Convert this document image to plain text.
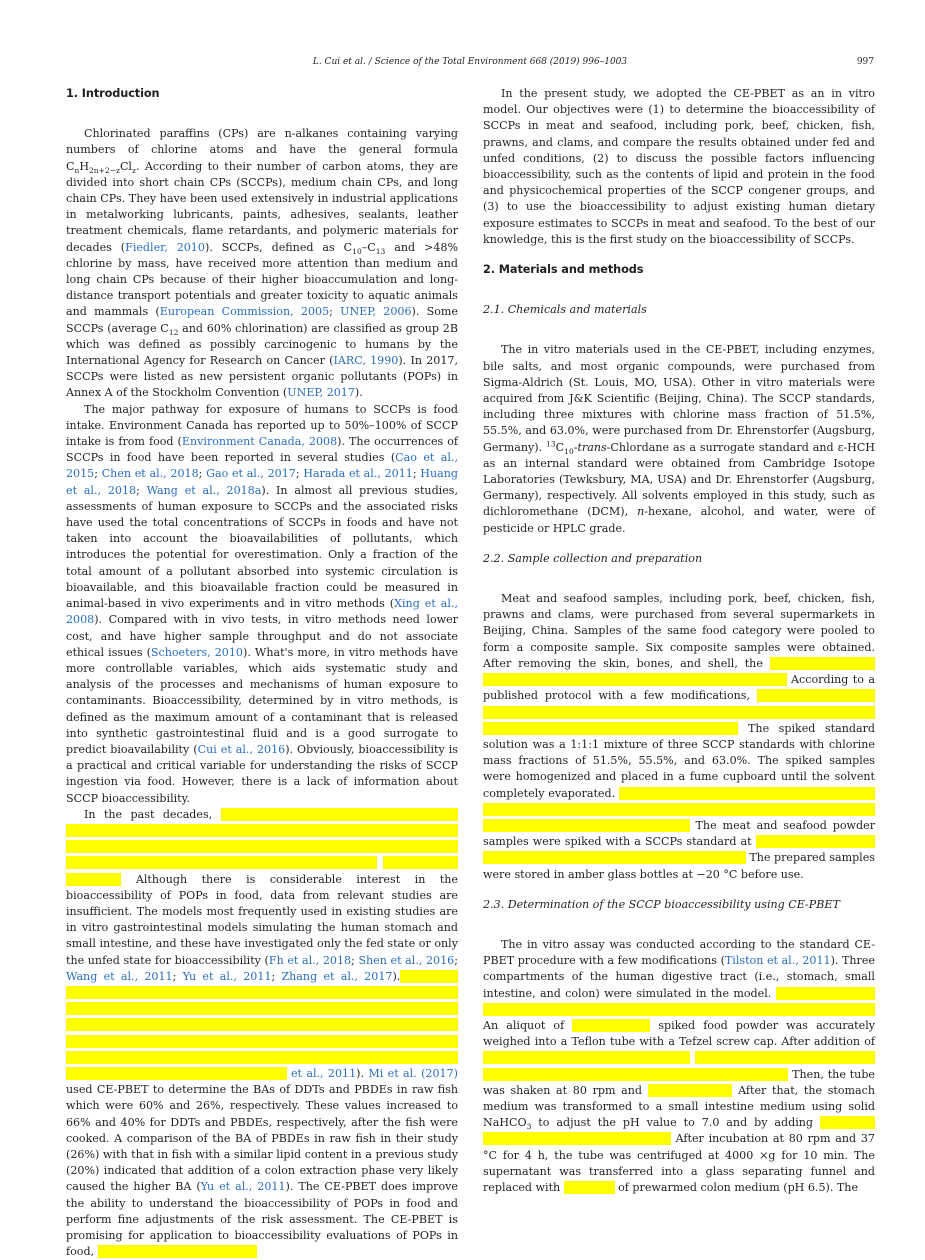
L. Cui et al. / Science of the Total Environment 668 (2019) 996–1003	997
1. Introduction

Chlorinated paraffins (CPs) are n-alkanes containing varying numbers of chlorine atoms and have the general formula $C_nH_{2n+2-z}Cl_z$. According to their number of carbon atoms, they are divided into short chain CPs (SCCPs), medium chain CPs, and long chain CPs. They have been used extensively in industrial applications in metalworking lubricants, paints, adhesives, sealants, leather treatment chemicals, flame retardants, and polymeric materials for decades (Fiedler, 2010). SCCPs, defined as $C_{10}-C_{13}$ and >48% chlorine by mass, have received more attention than medium and long chain CPs because of their higher bioaccumulation and long-distance transport potentials and greater toxicity to aquatic animals and mammals (European Commission, 2005; UNEP, 2006). Some SCCPs (average $C_{12}$ and 60% chlorination) are classified as group 2B which was defined as possibly carcinogenic to humans by the International Agency for Research on Cancer (IARC, 1990). In 2017, SCCPs were listed as new persistent organic pollutants (POPs) in Annex A of the Stockholm Convention (UNEP, 2017).

The major pathway for exposure of humans to SCCPs is food intake. Environment Canada has reported up to 50%–100% of SCCP intake is from food (Environment Canada, 2008). The occurrences of SCCPs in food have been reported in several studies (Cao et al., 2015; Chen et al., 2018; Gao et al., 2017; Harada et al., 2011; Huang et al., 2018; Wang et al., 2018a). In almost all previous studies, assessments of human exposure to SCCPs and the associated risks have used the total concentrations of SCCPs in foods and have not taken into account the bioavailabilities of pollutants, which introduces the potential for overestimation. Only a fraction of the total amount of a pollutant absorbed into systemic circulation is bioavailable, and this bioavailable fraction could be measured in animal-based in vivo experiments and in vitro methods (Xing et al., 2008). Compared with in vivo tests, in vitro methods need lower cost, and have higher sample throughput and do not associate ethical issues (Schoeters, 2010). What's more, in vitro methods have more controllable variables, which aids systematic study and analysis of the processes and mechanisms of human exposure to contaminants. Bioaccessibility, determined by in vitro methods, is defined as the maximum amount of a contaminant that is released into synthetic gastrointestinal fluid and is a good surrogate to predict bioavailability (Cui et al., 2016). Obviously, bioaccessibility is a practical and critical variable for understanding the risks of SCCP ingestion via food. However, there is a lack of information about SCCP bioaccessibility.

In the past decades, Although there is considerable interest in the bioaccessibility of POPs in food, data from relevant studies are insufficient. The models most frequently used in existing studies are in vitro gastrointestinal models simulating the human stomach and small intestine, and these have investigated only the fed state or only the unfed state for bioaccessibility (Fh et al., 2018; Shen et al., 2016; Wang et al., 2011; Yu et al., 2011; Zhang et al., 2017). et al., 2011). Mi et al. (2017) used CE-PBET to determine the BAs of DDTs and PBDEs in raw fish which were 60% and 26%, respectively. These values increased to 66% and 40% for DDTs and PBDEs, respectively, after the fish were cooked. A comparison of the BA of PBDEs in raw fish in their study (26%) with that in fish with a similar lipid content in a previous study (20%) indicated that addition of a colon extraction phase very likely caused the higher BA (Yu et al., 2011). The CE-PBET does improve the ability to understand the bioaccessibility of POPs in food and perform fine adjustments of the risk assessment. The CE-PBET is promising for application to bioaccessibility evaluations of POPs in food,

In the present study, we adopted the CE-PBET as an in vitro model. Our objectives were (1) to determine the bioaccessibility of SCCPs in meat and seafood, including pork, beef, chicken, fish, prawns, and clams, and compare the results obtained under fed and unfed conditions, (2) to discuss the possible factors influencing bioaccessibility, such as the contents of lipid and protein in the food and physicochemical properties of the SCCP congener groups, and (3) to use the bioaccessibility to adjust existing human dietary exposure estimates to SCCPs in meat and seafood. To the best of our knowledge, this is the first study on the bioaccessibility of SCCPs.

2. Materials and methods
2.1. Chemicals and materials

The in vitro materials used in the CE-PBET, including enzymes, bile salts, and most organic compounds, were purchased from Sigma-Aldrich (St. Louis, MO, USA). Other in vitro materials were acquired from J&K Scientific (Beijing, China). The SCCP standards, including three mixtures with chlorine mass fraction of 51.5%, 55.5%, and 63.0%, were purchased from Dr. Ehrenstorfer (Augsburg, Germany). $^{13}C_{10}-trans$-Chlordane as a surrogate standard and ε-HCH as an internal standard were obtained from Cambridge Isotope Laboratories (Tewksbury, MA, USA) and Dr. Ehrenstorfer (Augsburg, Germany), respectively. All solvents employed in this study, such as dichloromethane (DCM), n-hexane, alcohol, and water, were of pesticide or HPLC grade.

2.2. Sample collection and preparation

Meat and seafood samples, including pork, beef, chicken, fish, prawns and clams, were purchased from several supermarkets in Beijing, China. Samples of the same food category were pooled to form a composite sample. Six composite samples were obtained. After removing the skin, bones, and shell, the According to a published protocol with a few modifications, The spiked standard solution was a 1:1:1 mixture of three SCCP standards with chlorine mass fractions of 51.5%, 55.5%, and 63.0%. The spiked samples were homogenized and placed in a fume cupboard until the solvent completely evaporated. The meat and seafood powder samples were spiked with a SCCPs standard at The prepared samples were stored in amber glass bottles at −20 °C before use.

2.3. Determination of the SCCP bioaccessibility using CE-PBET

The in vitro assay was conducted according to the standard CE-PBET procedure with a few modifications (Tilston et al., 2011). Three compartments of the human digestive tract (i.e., stomach, small intestine, and colon) were simulated in the model. An aliquot of	spiked food powder was accurately weighed into a Teflon tube with a Tefzel screw cap. After addition of Then, the tube was shaken at 80 rpm and	After that, the stomach medium was transformed to a small intestine medium using solid NaHCO$_3$ to adjust the pH value to 7.0 and by adding After incubation at 80 rpm and 37 °C for 4 h, the tube was centrifuged at 4000 ×g for 10 min. The supernatant was transferred into a glass separating funnel and replaced with	of prewarmed colon medium (pH 6.5). The
